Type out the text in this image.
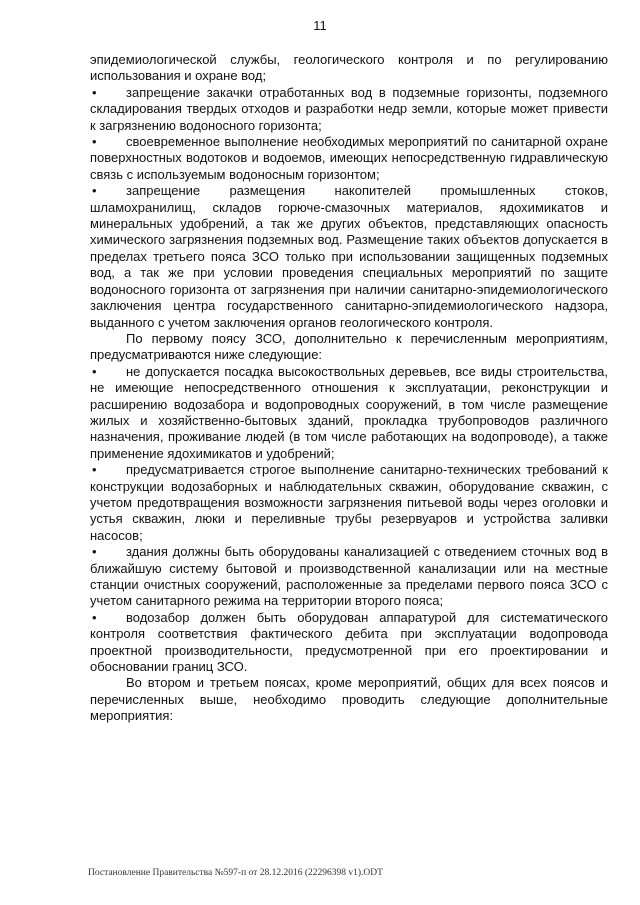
11

эпидемиологической службы, геологического контроля и по регулированию использования и охране вод;

• запрещение закачки отработанных вод в подземные горизонты, подземного складирования твердых отходов и разработки недр земли, которые может привести к загрязнению водоносного горизонта;

• своевременное выполнение необходимых мероприятий по санитарной охране поверхностных водотоков и водоемов, имеющих непосредственную гидравлическую связь с используемым водоносным горизонтом;

• запрещение размещения накопителей промышленных стоков, шламохранилищ, складов горюче-смазочных материалов, ядохимикатов и минеральных удобрений, а так же других объектов, представляющих опасность химического загрязнения подземных вод. Размещение таких объектов допускается в пределах третьего пояса ЗСО только при использовании защищенных подземных вод, а так же при условии проведения специальных мероприятий по защите водоносного горизонта от загрязнения при наличии санитарно-эпидемиологического заключения центра государственного санитарно-эпидемиологического надзора, выданного с учетом заключения органов геологического контроля.

По первому поясу ЗСО, дополнительно к перечисленным мероприятиям, предусматриваются ниже следующие:

• не допускается посадка высокоствольных деревьев, все виды строительства, не имеющие непосредственного отношения к эксплуатации, реконструкции и расширению водозабора и водопроводных сооружений, в том числе размещение жилых и хозяйственно-бытовых зданий, прокладка трубопроводов различного назначения, проживание людей (в том числе работающих на водопроводе), а также применение ядохимикатов и удобрений;

• предусматривается строгое выполнение санитарно-технических требований к конструкции водозаборных и наблюдательных скважин, оборудование скважин, с учетом предотвращения возможности загрязнения питьевой воды через оголовки и устья скважин, люки и переливные трубы резервуаров и устройства заливки насосов;

• здания должны быть оборудованы канализацией с отведением сточных вод в ближайшую систему бытовой и производственной канализации или на местные станции очистных сооружений, расположенные за пределами первого пояса ЗСО с учетом санитарного режима на территории второго пояса;

• водозабор должен быть оборудован аппаратурой для систематического контроля соответствия фактического дебита при эксплуатации водопровода проектной производительности, предусмотренной при его проектировании и обосновании границ ЗСО.

Во втором и третьем поясах, кроме мероприятий, общих для всех поясов и перечисленных выше, необходимо проводить следующие дополнительные мероприятия:

Постановление Правительства №597-п от 28.12.2016 (22296398 v1).ODT
